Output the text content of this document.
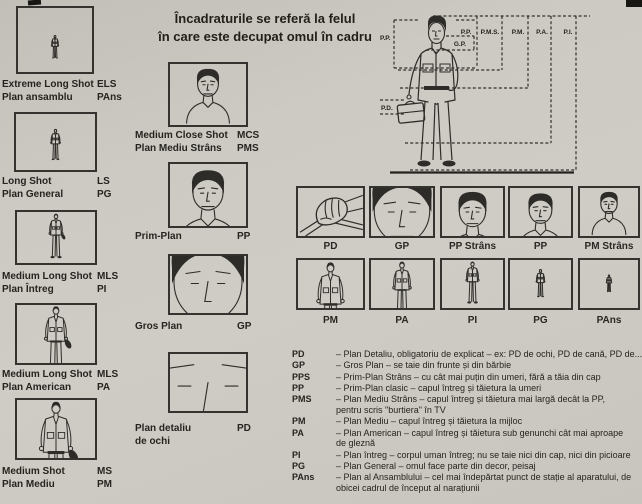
Încadraturile se referă la felul
în care este decupat omul în cadru
Extreme Long Shot ELS
Plan ansamblu PAns
Long Shot	LS
Plan General	PG
Medium Long Shot MLS
Plan Întreg	PI
Medium Long Shot MLS
Plan American	PA
Medium Shot	MS
Plan Mediu	PM
Medium Close Shot MCS
Plan Mediu Strâns PMS
Prim-Plan	PP
Gros Plan	GP
Plan detaliu	PD
de ochi
P.P. P.M.S. P.M. P.A. P.I.
P.P.
G.P.
P.D.
PD	GP	PP Strâns	PP	PM Strâns
PM	PA	PI	PG	PAns
PD	– Plan Detaliu, obligatoriu de explicat – ex: PD de ochi, PD de cană, PD de...
GP	– Gros Plan – se taie din frunte și din bărbie
PPS	– Prim-Plan Strâns – cu cât mai puțin din umeri, fără a tăia din cap
PP	– Prim-Plan clasic – capul întreg și tăietura la umeri
PMS	– Plan Mediu Strâns – capul întreg și tăietura mai largă decât la PP,
pentru scris "burtiera" în TV
PM	– Plan Mediu – capul întreg și tăietura la mijloc
PA	– Plan American – capul întreg și tăietura sub genunchi cât mai aproape
de gleznă
PI	– Plan întreg – corpul uman întreg; nu se taie nici din cap, nici din picioare
PG	– Plan General – omul face parte din decor, peisaj
PAns	– Plan al Ansamblului – cel mai îndepărtat punct de stație al aparatului, de
obicei cadrul de început al narațiunii
